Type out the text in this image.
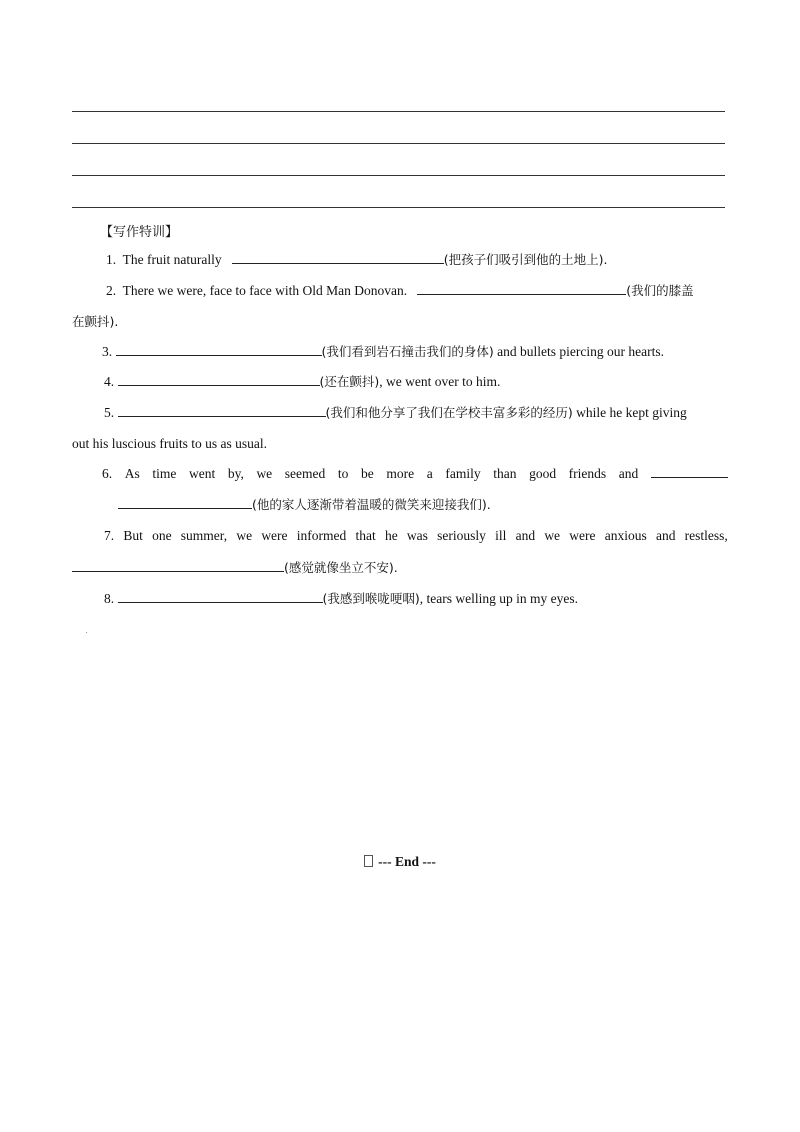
【写作特训】
1. The fruit naturally	(把孩子们吸引到他的土地上).
2. There we were, face to face with Old Man Donovan.	(我们的膝盖
在颤抖).
3.	(我们看到岩石撞击我们的身体) and bullets piercing our hearts.
4.	(还在颤抖), we went over to him.
5.	(我们和他分享了我们在学校丰富多彩的经历) while he kept giving
out his luscious fruits to us as usual.
6. As time went by, we seemed to be more a family than good friends and
(他的家人逐渐带着温暖的微笑来迎接我们).
7. But one summer, we were informed that he was seriously ill and we were anxious and restless,
(感觉就像坐立不安).
8.	(我感到喉咙哽咽), tears welling up in my eyes.
--- End ---
